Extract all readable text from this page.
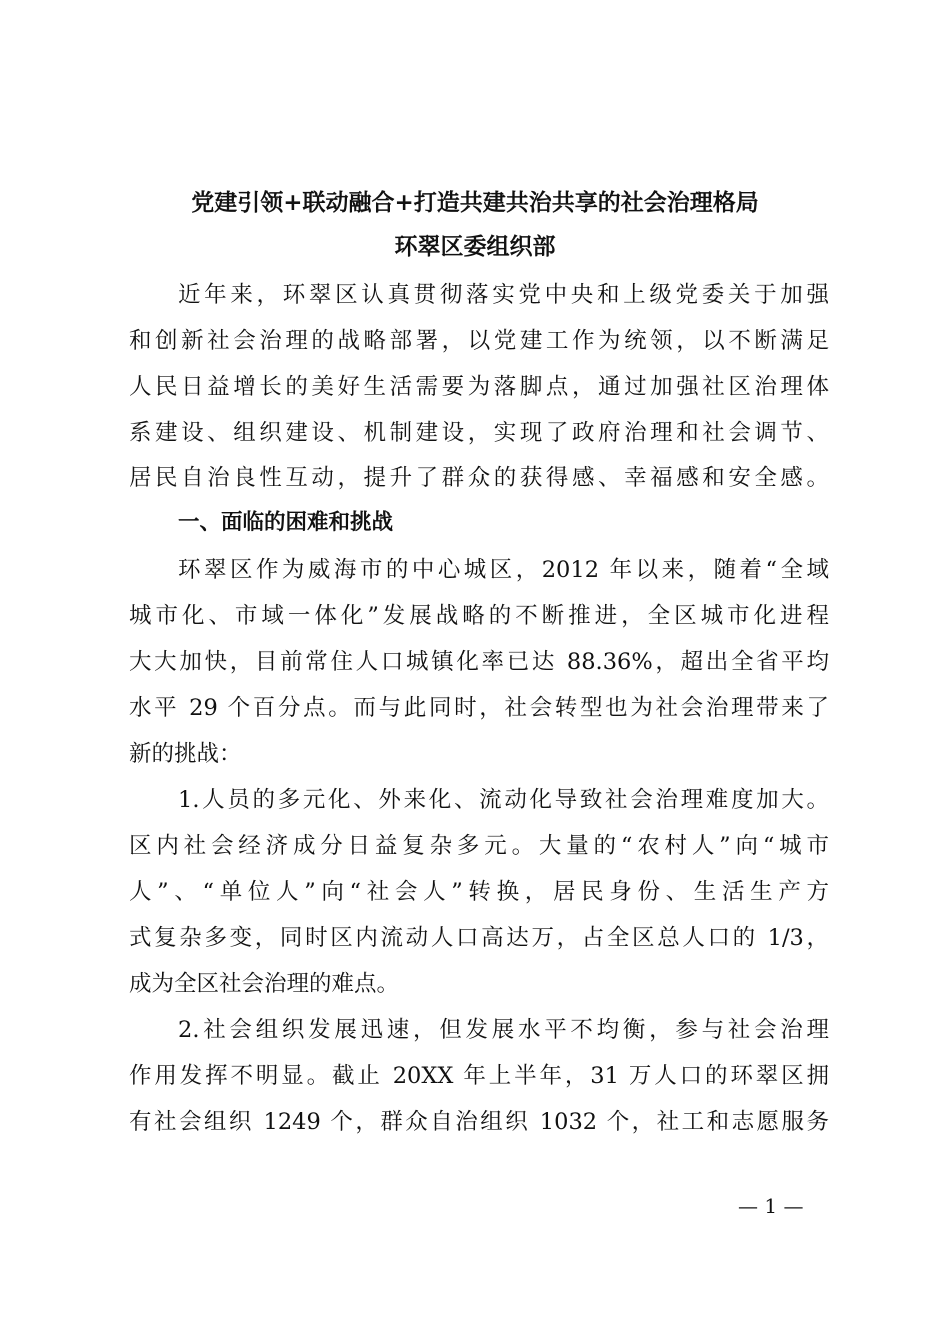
党建引领+联动融合+打造共建共治共享的社会治理格局
环翠区委组织部
近年来，环翠区认真贯彻落实党中央和上级党委关于加强
和创新社会治理的战略部署，以党建工作为统领，以不断满足
人民日益增长的美好生活需要为落脚点，通过加强社区治理体
系建设、组织建设、机制建设，实现了政府治理和社会调节、
居民自治良性互动，提升了群众的获得感、幸福感和安全感。
一、面临的困难和挑战
环翠区作为威海市的中心城区，2012 年以来，随着“全域
城市化、市域一体化”发展战略的不断推进，全区城市化进程
大大加快，目前常住人口城镇化率已达 88.36%，超出全省平均
水平 29 个百分点。而与此同时，社会转型也为社会治理带来了
新的挑战：
1.人员的多元化、外来化、流动化导致社会治理难度加大。
区内社会经济成分日益复杂多元。大量的“农村人”向“城市
人”、“单位人”向“社会人”转换，居民身份、生活生产方
式复杂多变，同时区内流动人口高达万，占全区总人口的 1/3，
成为全区社会治理的难点。
2.社会组织发展迅速，但发展水平不均衡，参与社会治理
作用发挥不明显。截止 20XX 年上半年，31 万人口的环翠区拥
有社会组织 1249 个，群众自治组织 1032 个，社工和志愿服务
— 1 —
